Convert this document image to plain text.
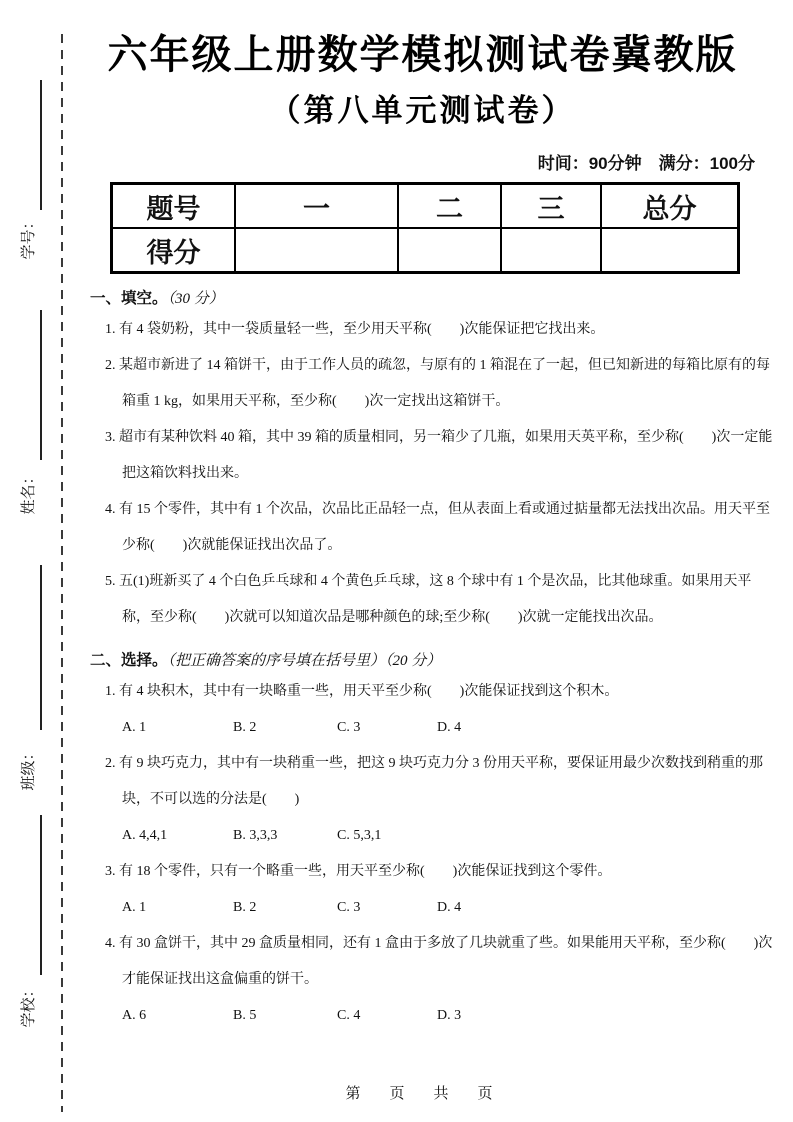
学号：
姓名：
班级：
学校：
六年级上册数学模拟测试卷冀教版
（第八单元测试卷）
时间：90分钟　满分：100分
题号	一	二	三	总分
得分				
一、填空。（30 分）
1. 有 4 袋奶粉，其中一袋质量轻一些，至少用天平称(　　)次能保证把它找出来。
2. 某超市新进了 14 箱饼干，由于工作人员的疏忽，与原有的 1 箱混在了一起，但已知新进的每箱比原有的每
箱重 1 kg，如果用天平称，至少称(　　)次一定找出这箱饼干。
3. 超市有某种饮料 40 箱，其中 39 箱的质量相同，另一箱少了几瓶，如果用天英平称，至少称(　　)次一定能
把这箱饮料找出来。
4. 有 15 个零件，其中有 1 个次品，次品比正品轻一点，但从表面上看或通过掂量都无法找出次品。用天平至
少称(　　)次就能保证找出次品了。
5. 五(1)班新买了 4 个白色乒乓球和 4 个黄色乒乓球，这 8 个球中有 1 个是次品，比其他球重。如果用天平
称，至少称(　　)次就可以知道次品是哪种颜色的球;至少称(　　)次就一定能找出次品。
二、选择。（把正确答案的序号填在括号里）（20 分）
1. 有 4 块积木，其中有一块略重一些，用天平至少称(　　)次能保证找到这个积木。
A. 1	B. 2	C. 3	D. 4
2. 有 9 块巧克力，其中有一块稍重一些，把这 9 块巧克力分 3 份用天平称，要保证用最少次数找到稍重的那
块，不可以选的分法是(　　)
A. 4,4,1	B. 3,3,3	C. 5,3,1
3. 有 18 个零件，只有一个略重一些，用天平至少称(　　)次能保证找到这个零件。
A. 1	B. 2	C. 3	D. 4
4. 有 30 盒饼干，其中 29 盒质量相同，还有 1 盒由于多放了几块就重了些。如果能用天平称，至少称(　　)次
才能保证找出这盒偏重的饼干。
A. 6	B. 5	C. 4	D. 3
第　页　共　页
